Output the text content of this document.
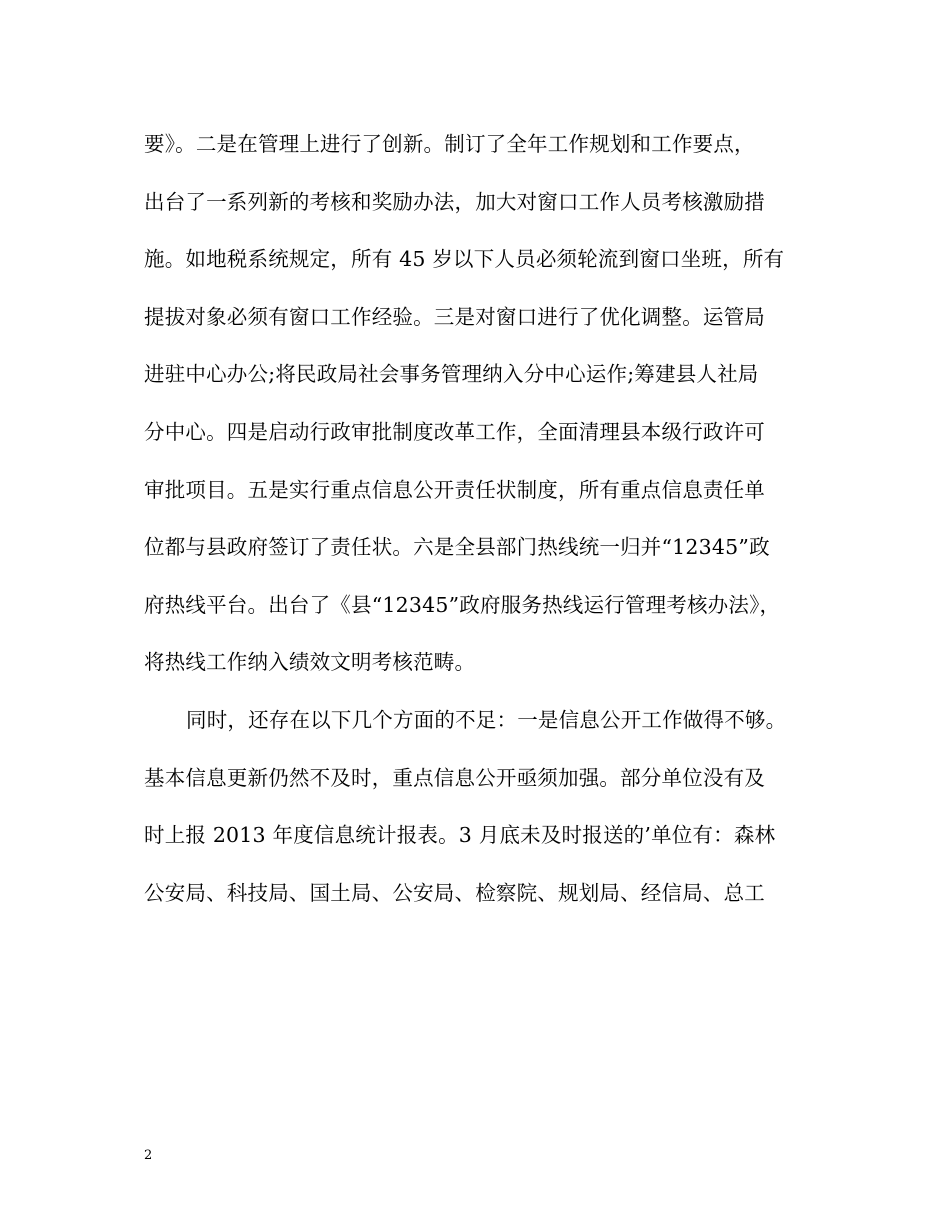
要》。二是在管理上进行了创新。制订了全年工作规划和工作要点，
出台了一系列新的考核和奖励办法，加大对窗口工作人员考核激励措
施。如地税系统规定，所有 45 岁以下人员必须轮流到窗口坐班，所有
提拔对象必须有窗口工作经验。三是对窗口进行了优化调整。运管局
进驻中心办公;将民政局社会事务管理纳入分中心运作;筹建县人社局
分中心。四是启动行政审批制度改革工作，全面清理县本级行政许可
审批项目。五是实行重点信息公开责任状制度，所有重点信息责任单
位都与县政府签订了责任状。六是全县部门热线统一归并“12345”政
府热线平台。出台了《县“12345”政府服务热线运行管理考核办法》，
将热线工作纳入绩效文明考核范畴。
同时，还存在以下几个方面的不足：一是信息公开工作做得不够。
基本信息更新仍然不及时，重点信息公开亟须加强。部分单位没有及
时上报 2013 年度信息统计报表。3 月底未及时报送的’单位有：森林
公安局、科技局、国土局、公安局、检察院、规划局、经信局、总工
2
